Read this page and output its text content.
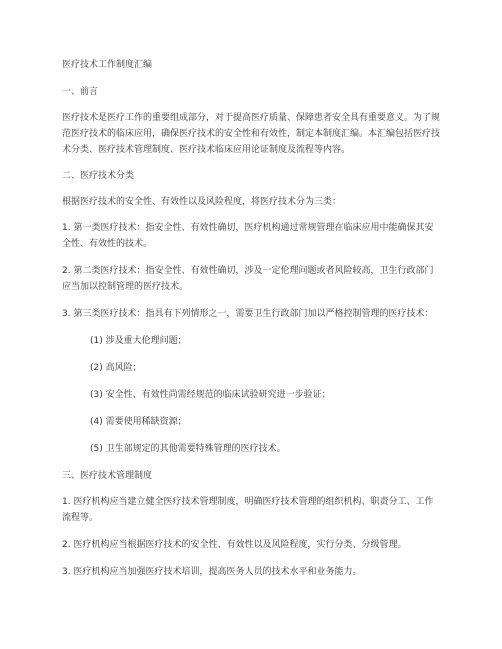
医疗技术工作制度汇编

一、前言

医疗技术是医疗工作的重要组成部分，对于提高医疗质量、保障患者安全具有重要意义。为了规范医疗技术的临床应用，确保医疗技术的安全性和有效性，制定本制度汇编。本汇编包括医疗技术分类、医疗技术管理制度、医疗技术临床应用论证制度及流程等内容。

二、医疗技术分类

根据医疗技术的安全性、有效性以及风险程度，将医疗技术分为三类：

1. 第一类医疗技术：指安全性、有效性确切，医疗机构通过常规管理在临床应用中能确保其安全性、有效性的技术。

2. 第二类医疗技术：指安全性、有效性确切，涉及一定伦理问题或者风险较高，卫生行政部门应当加以控制管理的医疗技术。

3. 第三类医疗技术：指具有下列情形之一，需要卫生行政部门加以严格控制管理的医疗技术：

(1) 涉及重大伦理问题；

(2) 高风险；

(3) 安全性、有效性尚需经规范的临床试验研究进一步验证；

(4) 需要使用稀缺资源；

(5) 卫生部规定的其他需要特殊管理的医疗技术。

三、医疗技术管理制度

1. 医疗机构应当建立健全医疗技术管理制度，明确医疗技术管理的组织机构、职责分工、工作流程等。

2. 医疗机构应当根据医疗技术的安全性、有效性以及风险程度，实行分类、分级管理。

3. 医疗机构应当加强医疗技术培训，提高医务人员的技术水平和业务能力。
